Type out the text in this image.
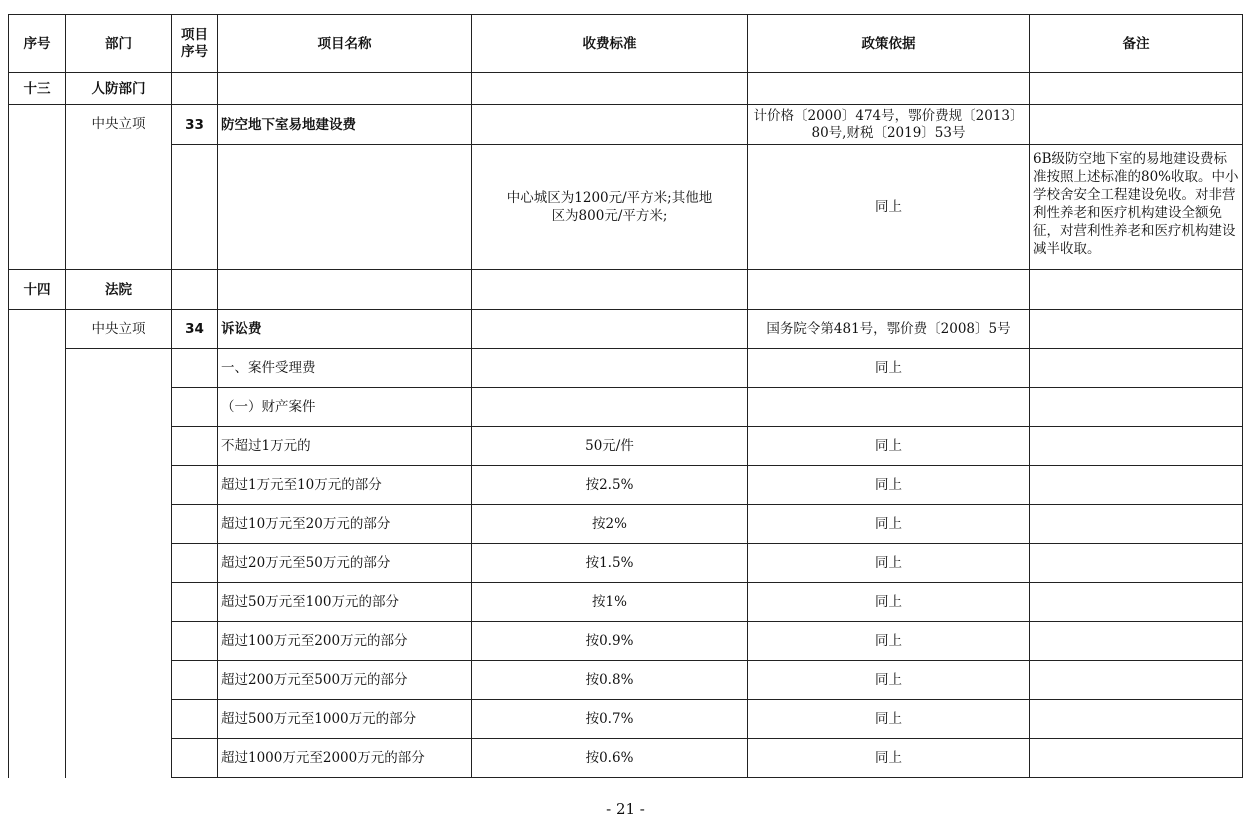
序号	部门	项目序号	项目名称	收费标准	政策依据	备注
十三	人防部门					
	中央立项	33	防空地下室易地建设费		计价格〔2000〕474号，鄂价费规〔2013〕80号,财税〔2019〕53号	
				中心城区为1200元/平方米;其他地区为800元/平方米;	同上	6B级防空地下室的易地建设费标准按照上述标准的80%收取。中小学校舍安全工程建设免收。对非营利性养老和医疗机构建设全额免征，对营利性养老和医疗机构建设减半收取。
十四	法院					
	中央立项	34	诉讼费		国务院令第481号，鄂价费〔2008〕5号	
			一、案件受理费		同上	
			（一）财产案件			
			不超过1万元的	50元/件	同上	
			超过1万元至10万元的部分	按2.5%	同上	
			超过10万元至20万元的部分	按2%	同上	
			超过20万元至50万元的部分	按1.5%	同上	
			超过50万元至100万元的部分	按1%	同上	
			超过100万元至200万元的部分	按0.9%	同上	
			超过200万元至500万元的部分	按0.8%	同上	
			超过500万元至1000万元的部分	按0.7%	同上	
			超过1000万元至2000万元的部分	按0.6%	同上	
- 21 -
